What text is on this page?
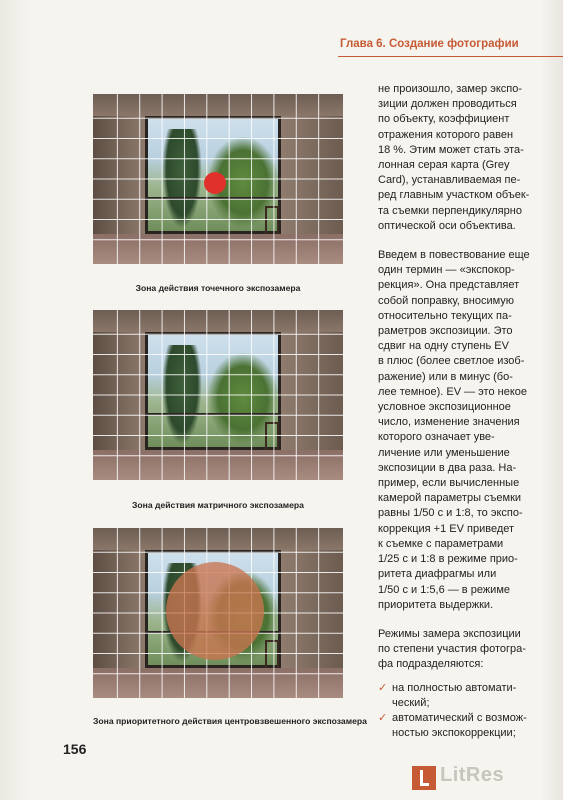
Глава 6. Создание фотографии
Зона действия точечного экспозамера
Зона действия матричного экспозамера
Зона приоритетного действия центровзвешенного экспозамера
не произошло, замер экспо-
зиции должен проводиться
по объекту, коэффициент
отражения которого равен
18 %. Этим может стать эта-
лонная серая карта (Grey
Card), устанавливаемая пе-
ред главным участком объек-
та съемки перпендикулярно
оптической оси объектива.
Введем в повествование еще
один термин — «экспокор-
рекция». Она представляет
собой поправку, вносимую
относительно текущих па-
раметров экспозиции. Это
сдвиг на одну ступень EV
в плюс (более светлое изоб-
ражение) или в минус (бо-
лее темное). EV — это некое
условное экспозиционное
число, изменение значения
которого означает уве-
личение или уменьшение
экспозиции в два раза. На-
пример, если вычисленные
камерой параметры съемки
равны 1/50 с и 1:8, то экспо-
коррекция +1 EV приведет
к съемке с параметрами
1/25 с и 1:8 в режиме прио-
ритета диафрагмы или
1/50 с и 1:5,6 — в режиме
приоритета выдержки.
Режимы замера экспозиции
по степени участия фотогра-
фа подразделяются:
✓ на полностью автомати-
ческий;
✓ автоматический с возмож-
ностью экспокоррекции;
156
LitRes
